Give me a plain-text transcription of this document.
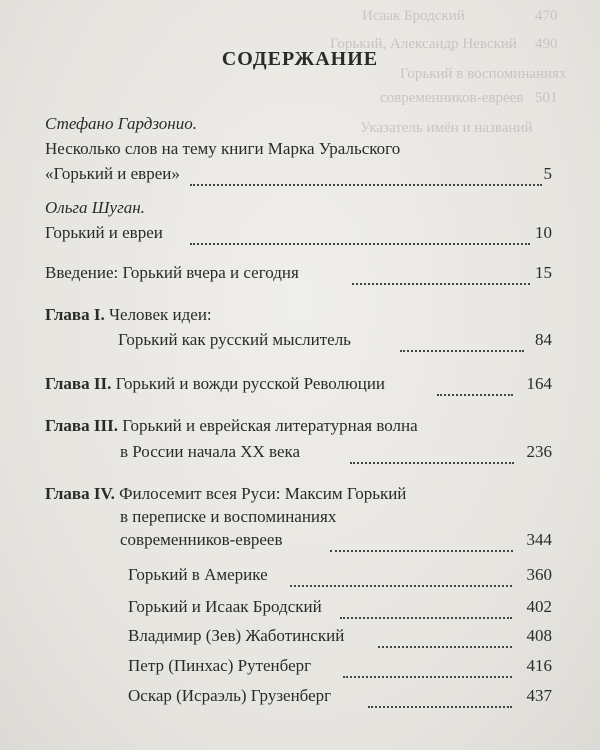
Исаак Бродский	470
Горький, Александр Невский 490
Горький в воспоминаниях
современников-евреев 501
Указатель имён и названий
СОДЕРЖАНИЕ
Стефано Гардзонио.
Несколько слов на тему книги Марка Уральского
«Горький и евреи»	5
Ольга Шуган.
Горький и евреи	10
Введение: Горький вчера и сегодня	15
Глава I. Человек идеи:
Горький как русский мыслитель	84
Глава II. Горький и вожди русской Революции	164
Глава III. Горький и еврейская литературная волна
в России начала XX века	236
Глава IV. Филосемит всея Руси: Максим Горький
в переписке и воспоминаниях
современников-евреев	344
Горький в Америке	360
Горький и Исаак Бродский	402
Владимир (Зев) Жаботинский	408
Петр (Пинхас) Рутенберг	416
Оскар (Исраэль) Грузенберг	437
